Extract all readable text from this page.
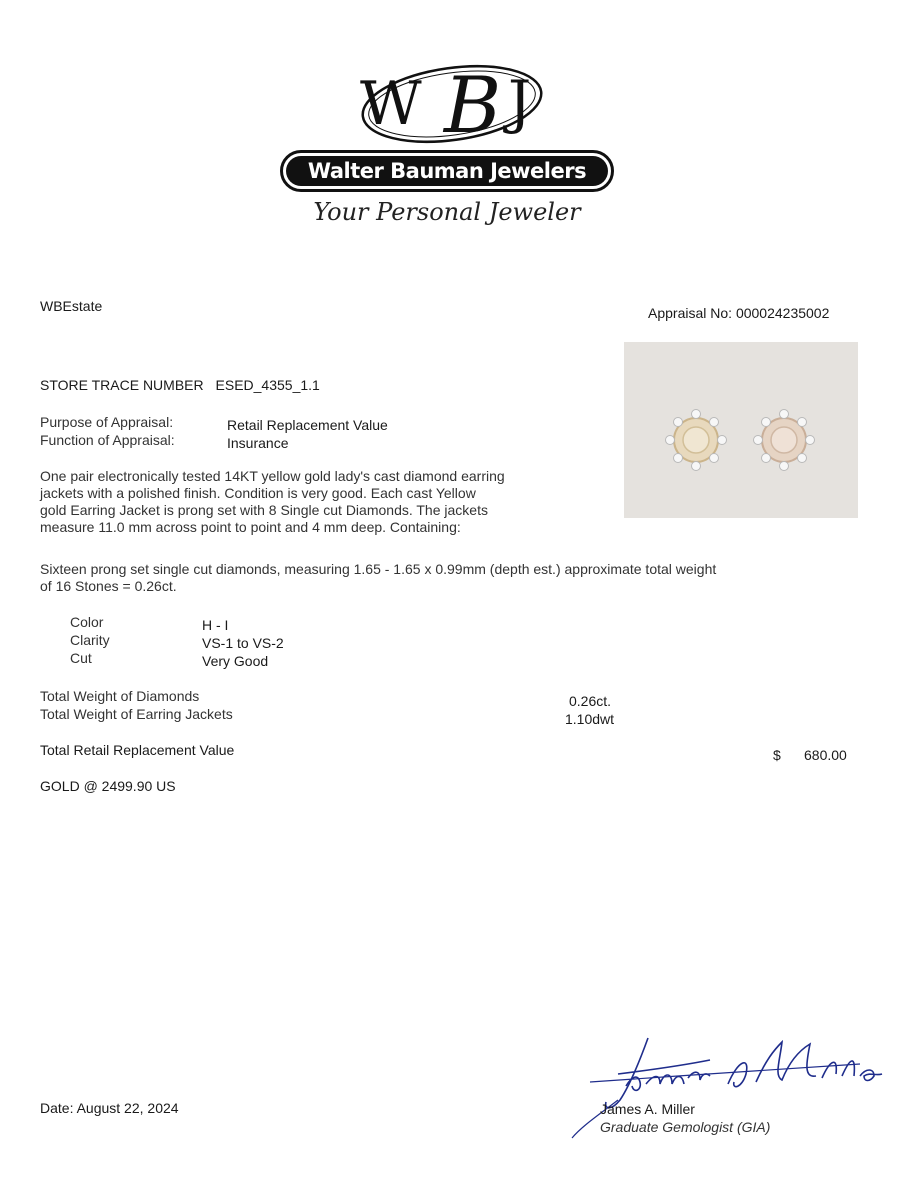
W B J
Walter Bauman Jewelers
Your Personal Jeweler
WBEstate	Appraisal No: 000024235002
STORE TRACE NUMBER ESED_4355_1.1
Purpose of Appraisal:	Retail Replacement Value
Function of Appraisal:	Insurance
One pair electronically tested 14KT yellow gold lady's cast diamond earring
jackets with a polished finish. Condition is very good. Each cast Yellow
gold Earring Jacket is prong set with 8 Single cut Diamonds. The jackets
measure 11.0 mm across point to point and 4 mm deep. Containing:
Sixteen prong set single cut diamonds, measuring 1.65 - 1.65 x 0.99mm (depth est.) approximate total weight
of 16 Stones = 0.26ct.
Color	H - I
Clarity	VS-1 to VS-2
Cut	Very Good
Total Weight of Diamonds	0.26ct.
Total Weight of Earring Jackets	1.10dwt
Total Retail Replacement Value	$ 680.00
GOLD @ 2499.90 US
Date: August 22, 2024	James A. Miller
Graduate Gemologist (GIA)
